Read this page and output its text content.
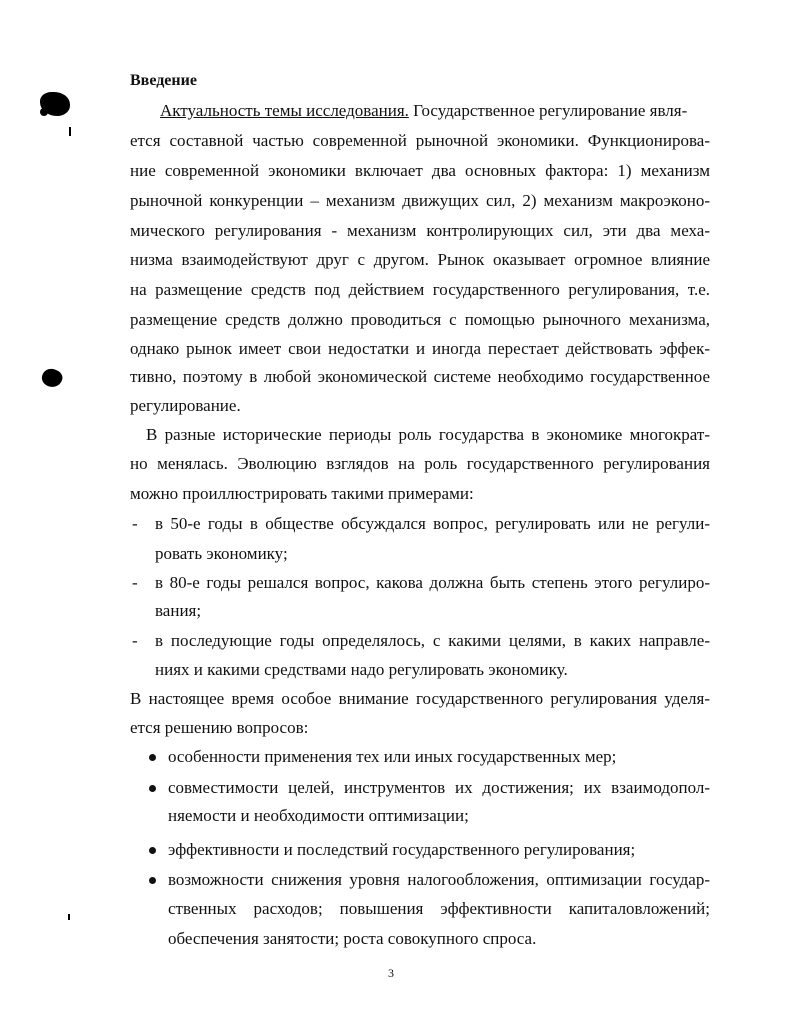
Введение
Актуальность темы исследования. Государственное регулирование явля-
ется составной частью современной рыночной экономики. Функционирова-
ние современной экономики включает два основных фактора: 1) механизм
рыночной конкуренции – механизм движущих сил, 2) механизм макроэконо-
мического регулирования - механизм контролирующих сил, эти два меха-
низма взаимодействуют друг с другом. Рынок оказывает огромное влияние
на размещение средств под действием государственного регулирования, т.е.
размещение средств должно проводиться с помощью рыночного механизма,
однако рынок имеет свои недостатки и иногда перестает действовать эффек-
тивно, поэтому в любой экономической системе необходимо государственное
регулирование.
В разные исторические периоды роль государства в экономике многократ-
но менялась. Эволюцию взглядов на роль государственного регулирования
можно проиллюстрировать такими примерами:
- в 50-е годы в обществе обсуждался вопрос, регулировать или не регули-
ровать экономику;
- в 80-е годы решался вопрос, какова должна быть степень этого регулиро-
вания;
- в последующие годы определялось, с какими целями, в каких направле-
ниях и какими средствами надо регулировать экономику.
В настоящее время особое внимание государственного регулирования уделя-
ется решению вопросов:
особенности применения тех или иных государственных мер;
совместимости целей, инструментов их достижения; их взаимодопол-
няемости и необходимости оптимизации;
эффективности и последствий государственного регулирования;
возможности снижения уровня налогообложения, оптимизации государ-
ственных расходов; повышения эффективности капиталовложений;
обеспечения занятости; роста совокупного спроса.
3
